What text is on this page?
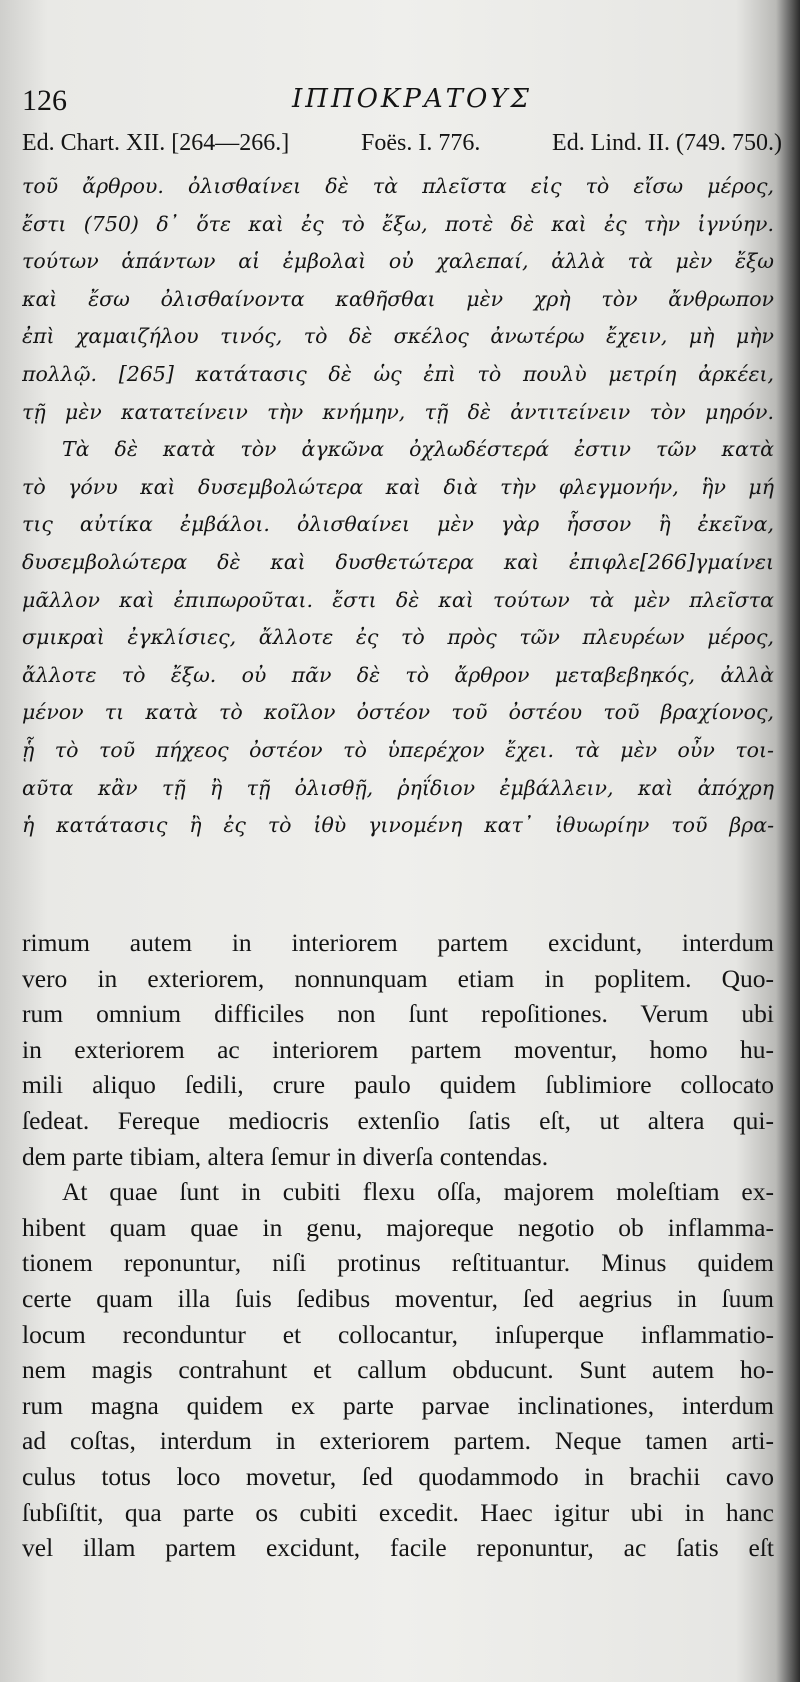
126	ΙΠΠΟΚΡΑΤΟΥΣ
Ed. Chart. XII. [264—266.]	Foës. I. 776.	Ed. Lind. II. (749. 750.)
τοῦ ἄρθρου. ὀλισθαίνει δὲ τὰ πλεῖστα εἰς τὸ εἴσω μέρος,
ἔστι (750) δ᾽ ὅτε καὶ ἐς τὸ ἔξω, ποτὲ δὲ καὶ ἐς τὴν ἰγνύην.
τούτων ἁπάντων αἱ ἐμβολαὶ οὐ χαλεπαί, ἀλλὰ τὰ μὲν ἔξω
καὶ ἔσω ὀλισθαίνοντα καθῆσθαι μὲν χρὴ τὸν ἄνθρωπον
ἐπὶ χαμαιζήλου τινός, τὸ δὲ σκέλος ἀνωτέρω ἔχειν, μὴ μὴν
πολλῷ. [265] κατάτασις δὲ ὡς ἐπὶ τὸ πουλὺ μετρίη ἀρκέει,
τῇ μὲν κατατείνειν τὴν κνήμην, τῇ δὲ ἀντιτείνειν τὸν μηρόν.
Τὰ δὲ κατὰ τὸν ἀγκῶνα ὀχλωδέστερά ἐστιν τῶν κατὰ
τὸ γόνυ καὶ δυσεμβολώτερα καὶ διὰ τὴν φλεγμονήν, ἣν μή
τις αὐτίκα ἐμβάλοι. ὀλισθαίνει μὲν γὰρ ἧσσον ἢ ἐκεῖνα,
δυσεμβολώτερα δὲ καὶ δυσθετώτερα καὶ ἐπιφλε[266]γμαίνει
μᾶλλον καὶ ἐπιπωροῦται. ἔστι δὲ καὶ τούτων τὰ μὲν πλεῖστα
σμικραὶ ἐγκλίσιες, ἄλλοτε ἐς τὸ πρὸς τῶν πλευρέων μέρος,
ἄλλοτε τὸ ἔξω. οὐ πᾶν δὲ τὸ ἄρθρον μεταβεβηκός, ἀλλὰ
μένον τι κατὰ τὸ κοῖλον ὀστέον τοῦ ὀστέου τοῦ βραχίονος,
ᾗ τὸ τοῦ πήχεος ὀστέον τὸ ὑπερέχον ἔχει. τὰ μὲν οὖν τοι-
αῦτα κἂν τῇ ἢ τῇ ὀλισθῇ, ῥηΐδιον ἐμβάλλειν, καὶ ἀπόχρη
ἡ κατάτασις ἢ ἐς τὸ ἰθὺ γινομένη κατ᾽ ἰθυωρίην τοῦ βρα-
rimum autem in interiorem partem excidunt, interdum
vero in exteriorem, nonnunquam etiam in poplitem. Quo-
rum omnium difficiles non ſunt repoſitiones. Verum ubi
in exteriorem ac interiorem partem moventur, homo hu-
mili aliquo ſedili, crure paulo quidem ſublimiore collocato
ſedeat. Fereque mediocris extenſio ſatis eſt, ut altera qui-
dem parte tibiam, altera ſemur in diverſa contendas.
At quae ſunt in cubiti flexu oſſa, majorem moleſtiam ex-
hibent quam quae in genu, majoreque negotio ob inflamma-
tionem reponuntur, niſi protinus reſtituantur. Minus quidem
certe quam illa ſuis ſedibus moventur, ſed aegrius in ſuum
locum reconduntur et collocantur, inſuperque inflammatio-
nem magis contrahunt et callum obducunt. Sunt autem ho-
rum magna quidem ex parte parvae inclinationes, interdum
ad coſtas, interdum in exteriorem partem. Neque tamen arti-
culus totus loco movetur, ſed quodammodo in brachii cavo
ſubſiſtit, qua parte os cubiti excedit. Haec igitur ubi in hanc
vel illam partem excidunt, facile reponuntur, ac ſatis eſt
